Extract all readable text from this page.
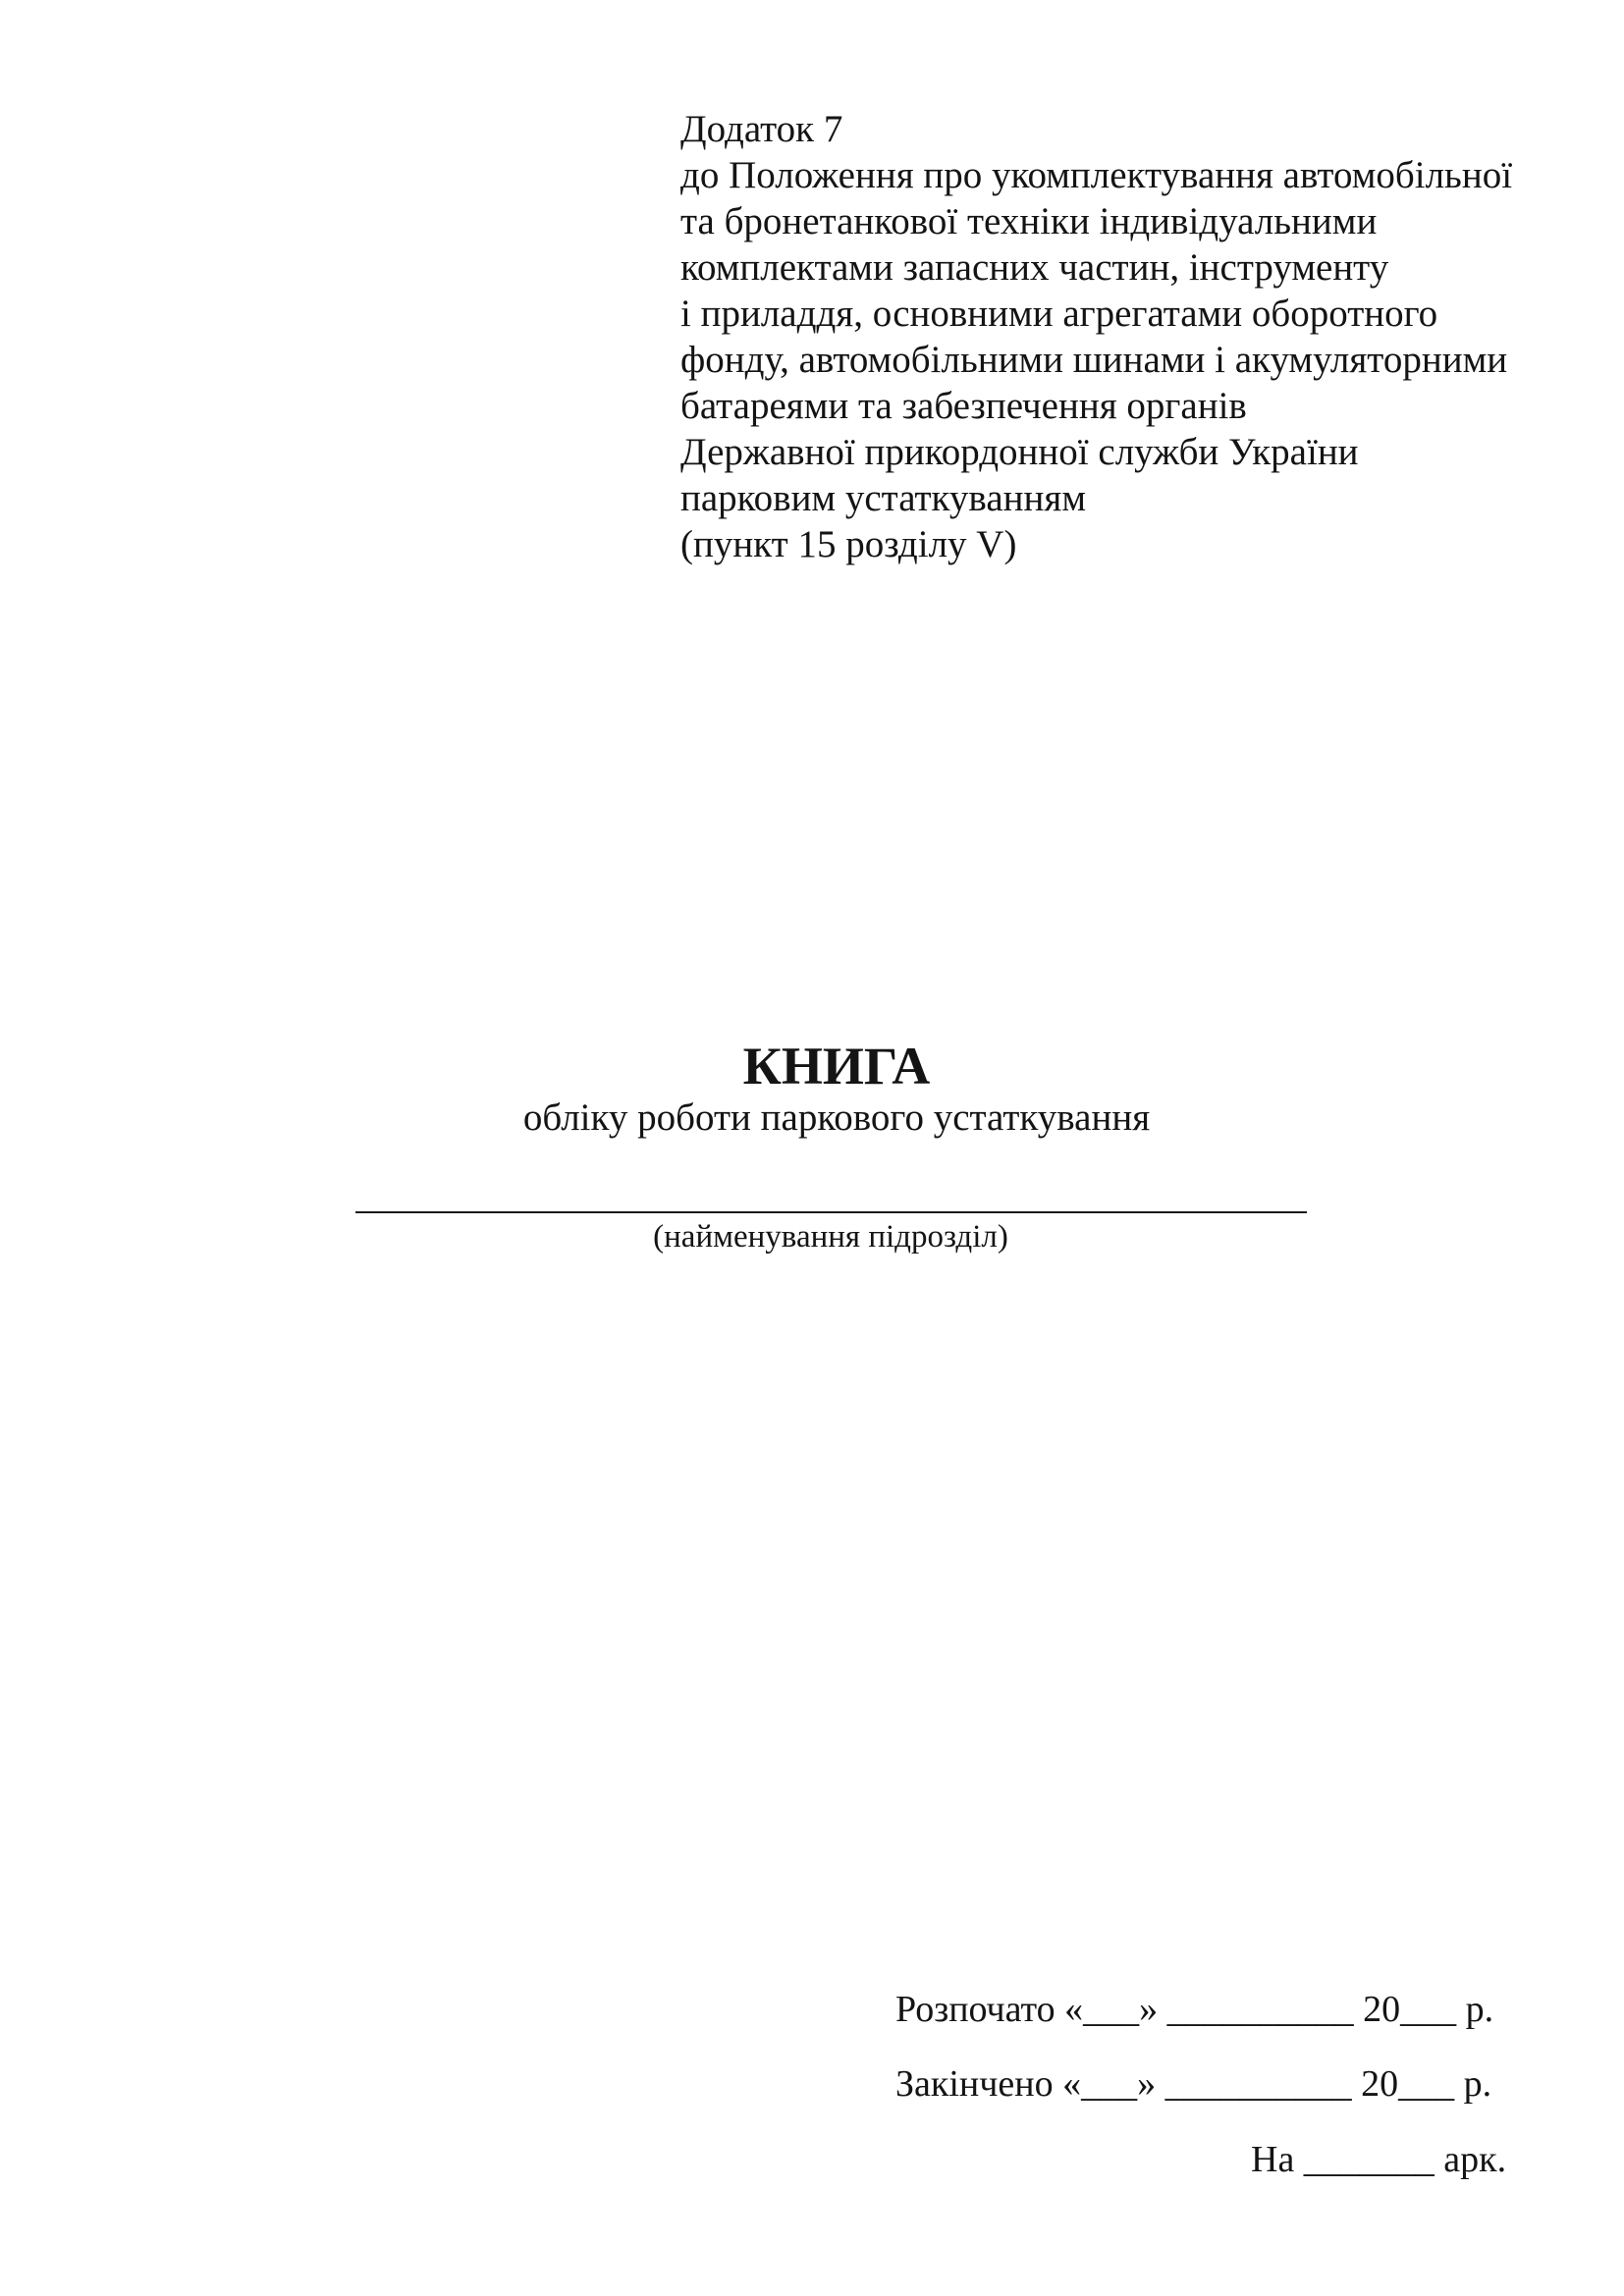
Додаток 7
до Положення про укомплектування автомобільної
та бронетанкової техніки індивідуальними
комплектами запасних частин, інструменту
і приладдя, основними агрегатами оборотного
фонду, автомобільними шинами і акумуляторними
батареями та забезпечення органів
Державної прикордонної служби України
парковим устаткуванням
(пункт 15 розділу V)
КНИГА
обліку роботи паркового устаткування
(найменування підрозділ)
Розпочато «___» __________ 20___ р.
Закінчено «___» __________ 20___ р.
На _______ арк.
